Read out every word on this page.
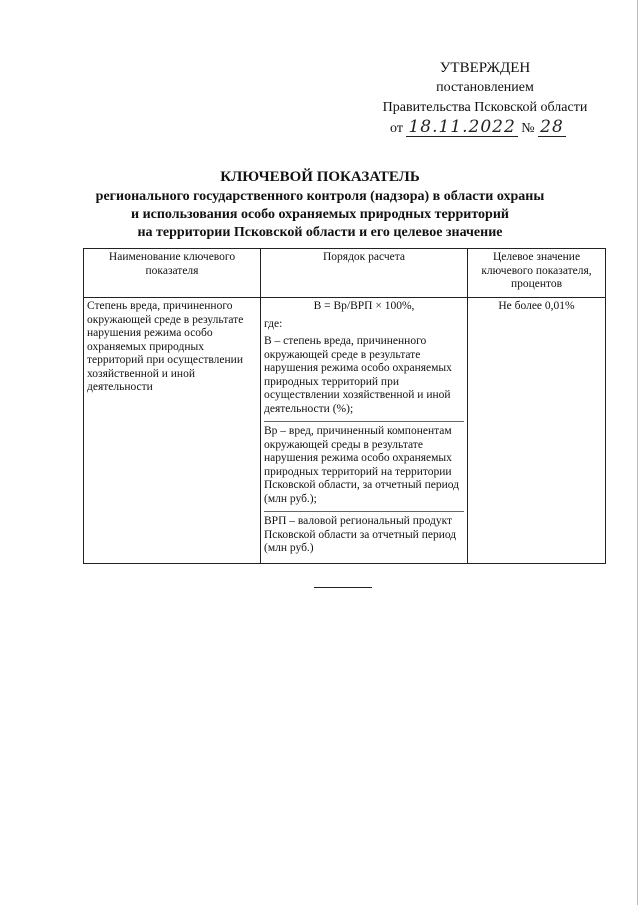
УТВЕРЖДЕН
постановлением
Правительства Псковской области
от 18.11.2022 № 28
КЛЮЧЕВОЙ ПОКАЗАТЕЛЬ
регионального государственного контроля (надзора) в области охраны
и использования особо охраняемых природных территорий
на территории Псковской области и его целевое значение
Наименование ключевого показателя	Порядок расчета	Целевое значение ключевого показателя, процентов
Степень вреда, причиненного окружающей среде в результате нарушения режима особо охраняемых природных территорий при осуществлении хозяйственной и иной деятельности	В = Вр/ВРП × 100%,
где:
В – степень вреда, причиненного окружающей среде в результате нарушения режима особо охраняемых природных территорий при осуществлении хозяйственной и иной деятельности (%);
Вр – вред, причиненный компонентам окружающей среды в результате нарушения режима особо охраняемых природных территорий на территории Псковской области, за отчетный период (млн руб.);
ВРП – валовой региональный продукт Псковской области за отчетный период (млн руб.)	Не более 0,01%
